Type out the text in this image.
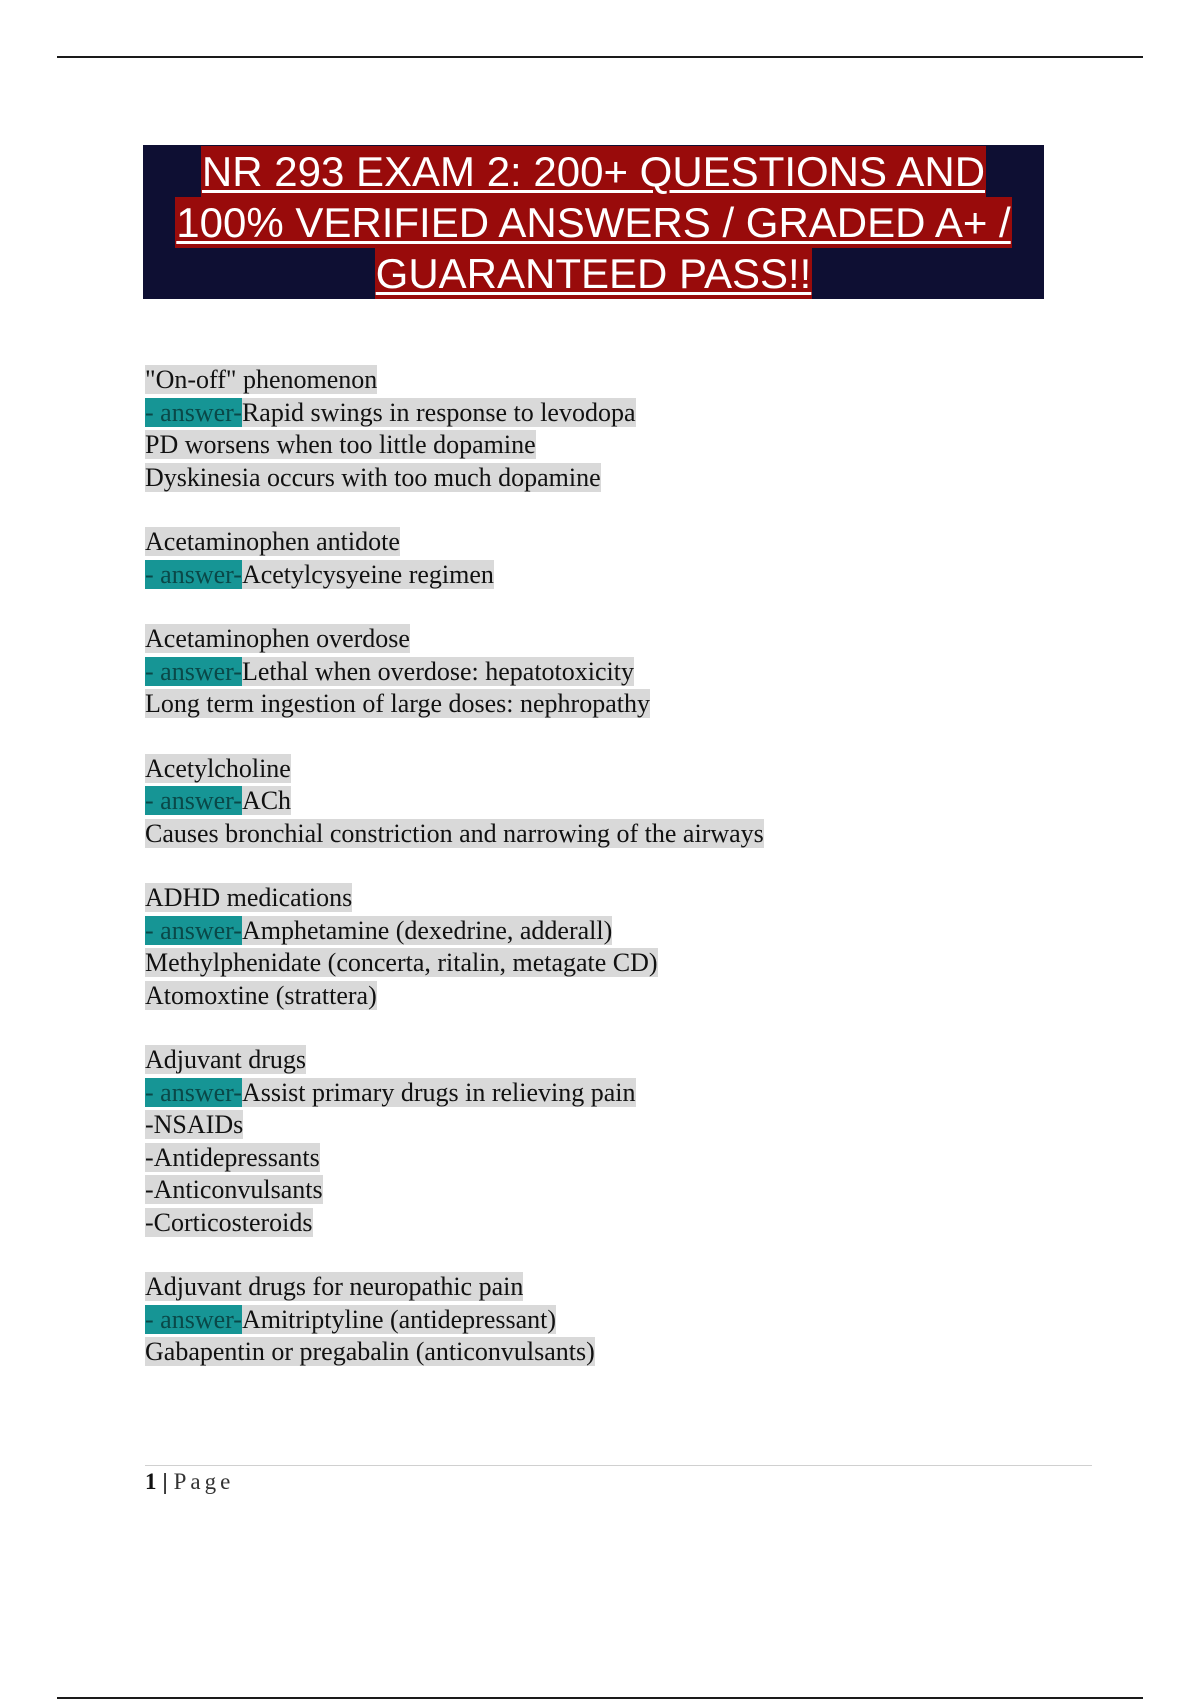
NR 293 EXAM 2: 200+ QUESTIONS AND
100% VERIFIED ANSWERS / GRADED A+ /
GUARANTEED PASS!!
"On-off" phenomenon
- answer-Rapid swings in response to levodopa
PD worsens when too little dopamine
Dyskinesia occurs with too much dopamine
Acetaminophen antidote
- answer-Acetylcysyeine regimen
Acetaminophen overdose
- answer-Lethal when overdose: hepatotoxicity
Long term ingestion of large doses: nephropathy
Acetylcholine
- answer-ACh
Causes bronchial constriction and narrowing of the airways
ADHD medications
- answer-Amphetamine (dexedrine, adderall)
Methylphenidate (concerta, ritalin, metagate CD)
Atomoxtine (strattera)
Adjuvant drugs
- answer-Assist primary drugs in relieving pain
-NSAIDs
-Antidepressants
-Anticonvulsants
-Corticosteroids
Adjuvant drugs for neuropathic pain
- answer-Amitriptyline (antidepressant)
Gabapentin or pregabalin (anticonvulsants)
1 | Page
